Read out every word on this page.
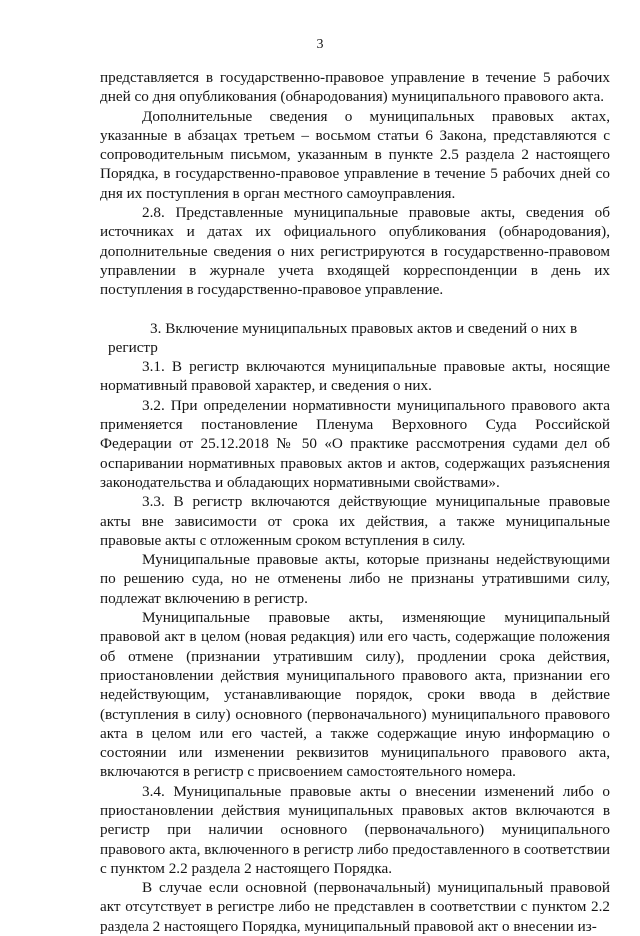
3

представляется в государственно-правовое управление в течение 5 рабочих дней со дня опубликования (обнародования) муниципального правового акта.

Дополнительные сведения о муниципальных правовых актах, указанные в абзацах третьем – восьмом статьи 6 Закона, представляются с сопроводительным письмом, указанным в пункте 2.5 раздела 2 настоящего Порядка, в государственно-правовое управление в течение 5 рабочих дней со дня их поступления в орган местного самоуправления.

2.8. Представленные муниципальные правовые акты, сведения об источниках и датах их официального опубликования (обнародования), дополнительные сведения о них регистрируются в государственно-правовом управлении в журнале учета входящей корреспонденции в день их поступления в государственно-правовое управление.

3. Включение муниципальных правовых актов и сведений о них в регистр

3.1. В регистр включаются муниципальные правовые акты, носящие нормативный правовой характер, и сведения о них.

3.2. При определении нормативности муниципального правового акта применяется постановление Пленума Верховного Суда Российской Федерации от 25.12.2018 № 50 «О практике рассмотрения судами дел об оспаривании нормативных правовых актов и актов, содержащих разъяснения законодательства и обладающих нормативными свойствами».

3.3. В регистр включаются действующие муниципальные правовые акты вне зависимости от срока их действия, а также муниципальные правовые акты с отложенным сроком вступления в силу.

Муниципальные правовые акты, которые признаны недействующими по решению суда, но не отменены либо не признаны утратившими силу, подлежат включению в регистр.

Муниципальные правовые акты, изменяющие муниципальный правовой акт в целом (новая редакция) или его часть, содержащие положения об отмене (признании утратившим силу), продлении срока действия, приостановлении действия муниципального правового акта, признании его недействующим, устанавливающие порядок, сроки ввода в действие (вступления в силу) основного (первоначального) муниципального правового акта в целом или его частей, а также содержащие иную информацию о состоянии или изменении реквизитов муниципального правового акта, включаются в регистр с присвоением самостоятельного номера.

3.4. Муниципальные правовые акты о внесении изменений либо о приостановлении действия муниципальных правовых актов включаются в регистр при наличии основного (первоначального) муниципального правового акта, включенного в регистр либо предоставленного в соответствии с пунктом 2.2 раздела 2 настоящего Порядка.

В случае если основной (первоначальный) муниципальный правовой акт отсутствует в регистре либо не представлен в соответствии с пунктом 2.2 раздела 2 настоящего Порядка, муниципальный правовой акт о внесении из-
